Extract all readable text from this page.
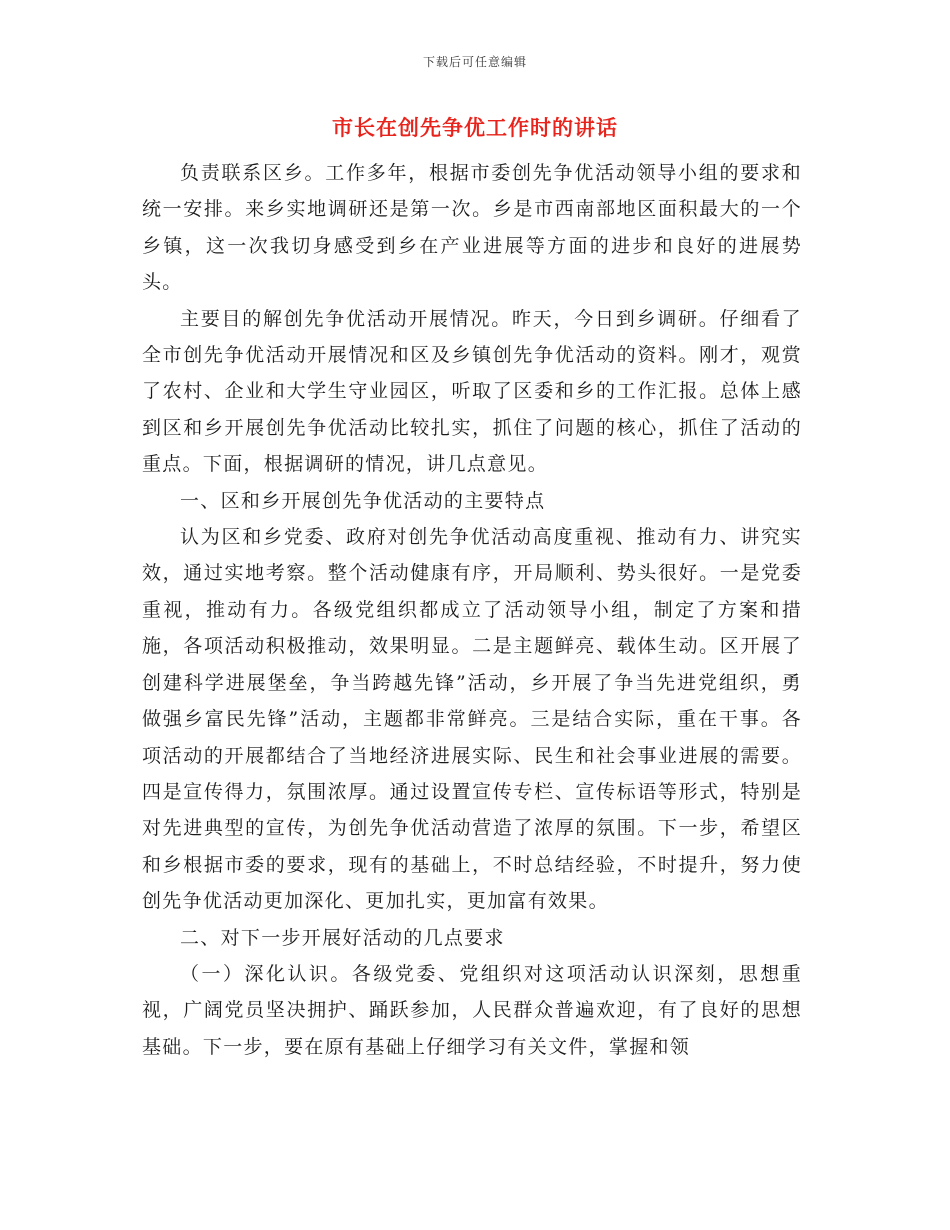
下载后可任意编辑
市长在创先争优工作时的讲话

负责联系区乡。工作多年，根据市委创先争优活动领导小组的要求和统一安排。来乡实地调研还是第一次。乡是市西南部地区面积最大的一个乡镇，这一次我切身感受到乡在产业进展等方面的进步和良好的进展势头。

主要目的解创先争优活动开展情况。昨天，今日到乡调研。仔细看了全市创先争优活动开展情况和区及乡镇创先争优活动的资料。刚才，观赏了农村、企业和大学生守业园区，听取了区委和乡的工作汇报。总体上感到区和乡开展创先争优活动比较扎实，抓住了问题的核心，抓住了活动的重点。下面，根据调研的情况，讲几点意见。

一、区和乡开展创先争优活动的主要特点

认为区和乡党委、政府对创先争优活动高度重视、推动有力、讲究实效，通过实地考察。整个活动健康有序，开局顺利、势头很好。一是党委重视，推动有力。各级党组织都成立了活动领导小组，制定了方案和措施，各项活动积极推动，效果明显。二是主题鲜亮、载体生动。区开展了创建科学进展堡垒，争当跨越先锋”活动，乡开展了争当先进党组织，勇做强乡富民先锋”活动，主题都非常鲜亮。三是结合实际，重在干事。各项活动的开展都结合了当地经济进展实际、民生和社会事业进展的需要。四是宣传得力，氛围浓厚。通过设置宣传专栏、宣传标语等形式，特别是对先进典型的宣传，为创先争优活动营造了浓厚的氛围。下一步，希望区和乡根据市委的要求，现有的基础上，不时总结经验，不时提升，努力使创先争优活动更加深化、更加扎实，更加富有效果。

二、对下一步开展好活动的几点要求

（一）深化认识。各级党委、党组织对这项活动认识深刻，思想重视，广阔党员坚决拥护、踊跃参加，人民群众普遍欢迎，有了良好的思想基础。下一步，要在原有基础上仔细学习有关文件，掌握和领
